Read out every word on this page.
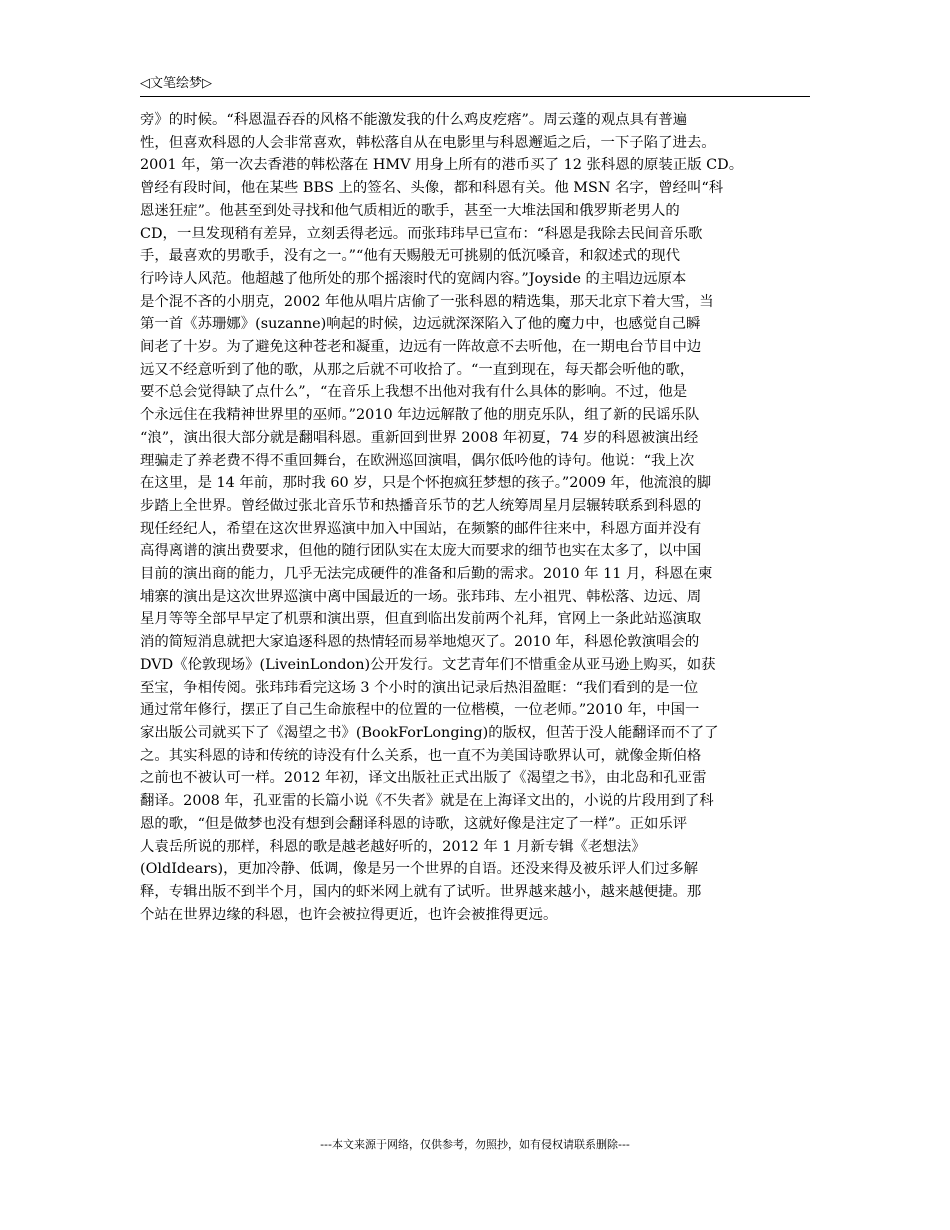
◁文笔绘梦▷
旁》的时候。“科恩温吞吞的风格不能激发我的什么鸡皮疙瘩”。周云蓬的观点具有普遍
性，但喜欢科恩的人会非常喜欢，韩松落自从在电影里与科恩邂逅之后，一下子陷了进去。
2001 年，第一次去香港的韩松落在 HMV 用身上所有的港币买了 12 张科恩的原装正版 CD。
曾经有段时间，他在某些 BBS 上的签名、头像，都和科恩有关。他 MSN 名字，曾经叫“科
恩迷狂症”。他甚至到处寻找和他气质相近的歌手，甚至一大堆法国和俄罗斯老男人的
CD，一旦发现稍有差异，立刻丢得老远。而张玮玮早已宣布：“科恩是我除去民间音乐歌
手，最喜欢的男歌手，没有之一。”“他有天赐般无可挑剔的低沉嗓音，和叙述式的现代
行吟诗人风范。他超越了他所处的那个摇滚时代的宽阔内容。”Joyside 的主唱边远原本
是个混不吝的小朋克，2002 年他从唱片店偷了一张科恩的精选集，那天北京下着大雪，当
第一首《苏珊娜》(suzanne)响起的时候，边远就深深陷入了他的魔力中，也感觉自己瞬
间老了十岁。为了避免这种苍老和凝重，边远有一阵故意不去听他，在一期电台节目中边
远又不经意听到了他的歌，从那之后就不可收拾了。“一直到现在，每天都会听他的歌，
要不总会觉得缺了点什么”，“在音乐上我想不出他对我有什么具体的影响。不过，他是
个永远住在我精神世界里的巫师。”2010 年边远解散了他的朋克乐队，组了新的民谣乐队
“浪”，演出很大部分就是翻唱科恩。重新回到世界 2008 年初夏，74 岁的科恩被演出经
理骗走了养老费不得不重回舞台，在欧洲巡回演唱，偶尔低吟他的诗句。他说：“我上次
在这里，是 14 年前，那时我 60 岁，只是个怀抱疯狂梦想的孩子。”2009 年，他流浪的脚
步踏上全世界。曾经做过张北音乐节和热播音乐节的艺人统筹周星月层辗转联系到科恩的
现任经纪人，希望在这次世界巡演中加入中国站，在频繁的邮件往来中，科恩方面并没有
高得离谱的演出费要求，但他的随行团队实在太庞大而要求的细节也实在太多了，以中国
目前的演出商的能力，几乎无法完成硬件的准备和后勤的需求。2010 年 11 月，科恩在柬
埔寨的演出是这次世界巡演中离中国最近的一场。张玮玮、左小祖咒、韩松落、边远、周
星月等等全部早早定了机票和演出票，但直到临出发前两个礼拜，官网上一条此站巡演取
消的简短消息就把大家追逐科恩的热情轻而易举地熄灭了。2010 年，科恩伦敦演唱会的
DVD《伦敦现场》(LiveinLondon)公开发行。文艺青年们不惜重金从亚马逊上购买，如获
至宝，争相传阅。张玮玮看完这场 3 个小时的演出记录后热泪盈眶：“我们看到的是一位
通过常年修行，摆正了自己生命旅程中的位置的一位楷模，一位老师。”2010 年，中国一
家出版公司就买下了《渴望之书》(BookForLonging)的版权，但苦于没人能翻译而不了了
之。其实科恩的诗和传统的诗没有什么关系，也一直不为美国诗歌界认可，就像金斯伯格
之前也不被认可一样。2012 年初，译文出版社正式出版了《渴望之书》，由北岛和孔亚雷
翻译。2008 年，孔亚雷的长篇小说《不失者》就是在上海译文出的，小说的片段用到了科
恩的歌，“但是做梦也没有想到会翻译科恩的诗歌，这就好像是注定了一样”。正如乐评
人袁岳所说的那样，科恩的歌是越老越好听的，2012 年 1 月新专辑《老想法》
(OldIdears)，更加冷静、低调，像是另一个世界的自语。还没来得及被乐评人们过多解
释，专辑出版不到半个月，国内的虾米网上就有了试听。世界越来越小，越来越便捷。那
个站在世界边缘的科恩，也许会被拉得更近，也许会被推得更远。
---本文来源于网络，仅供参考，勿照抄，如有侵权请联系删除---
